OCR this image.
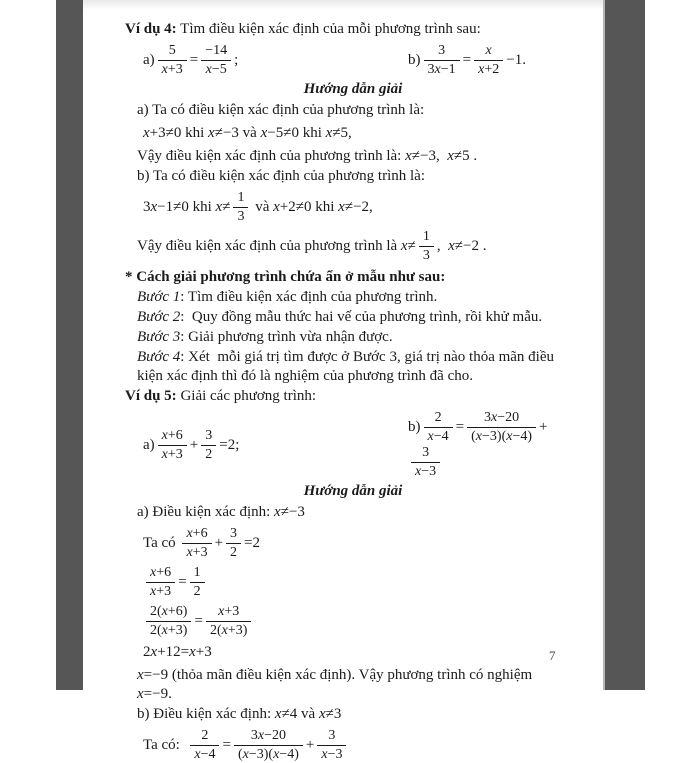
Ví dụ 4: Tìm điều kiện xác định của mỗi phương trình sau:
$a) \frac{5}{x+3} = \frac{-14}{x-5}$ ;	$b) \frac{3}{3x-1} = \frac{x}{x+2} -1$.
Hướng dẫn giải
a) Ta có điều kiện xác định của phương trình là:
x+3≠0 khi x≠−3 và x−5≠0 khi x≠5,
Vậy điều kiện xác định của phương trình là: x≠−3, x≠5 .
b) Ta có điều kiện xác định của phương trình là:
3x−1≠0 khi $x\ne \frac{1}{3}$ và x+2≠0 khi x≠−2,
Vậy điều kiện xác định của phương trình là $x\ne \frac{1}{3}$ ,  x≠−2 .
* Cách giải phương trình chứa ẩn ở mẫu như sau:
Bước 1: Tìm điều kiện xác định của phương trình.
Bước 2:  Quy đồng mẫu thức hai vế của phương trình, rồi khử mẫu.
Bước 3: Giải phương trình vừa nhận được.
Bước 4: Xét  mỗi giá trị tìm được ở Bước 3, giá trị nào thỏa mãn điều kiện xác định thì đó là nghiệm của phương trình đã cho.
Ví dụ 5: Giải các phương trình:
$a) \frac{x+6}{x+3} + \frac{3}{2} =2$;
$b) \frac{2}{x-4} = \frac{3x-20}{(x-3)(x-4)}$ +
$\frac{3}{x-3}$
Hướng dẫn giải
a) Điều kiện xác định: x≠−3
Ta có $\frac{x+6}{x+3} + \frac{3}{2} =2$
$\frac{x+6}{x+3} = \frac{1}{2}$
$\frac{2(x+6)}{2(x+3)} = \frac{x+3}{2(x+3)}$
2x+12=x+3
x=−9 (thỏa mãn điều kiện xác định). Vậy phương trình có nghiệm x=−9.
b) Điều kiện xác định: x≠4 và x≠3
Ta có: $\frac{2}{x-4} = \frac{3x-20}{(x-3)(x-4)} + \frac{3}{x-3}$
7
